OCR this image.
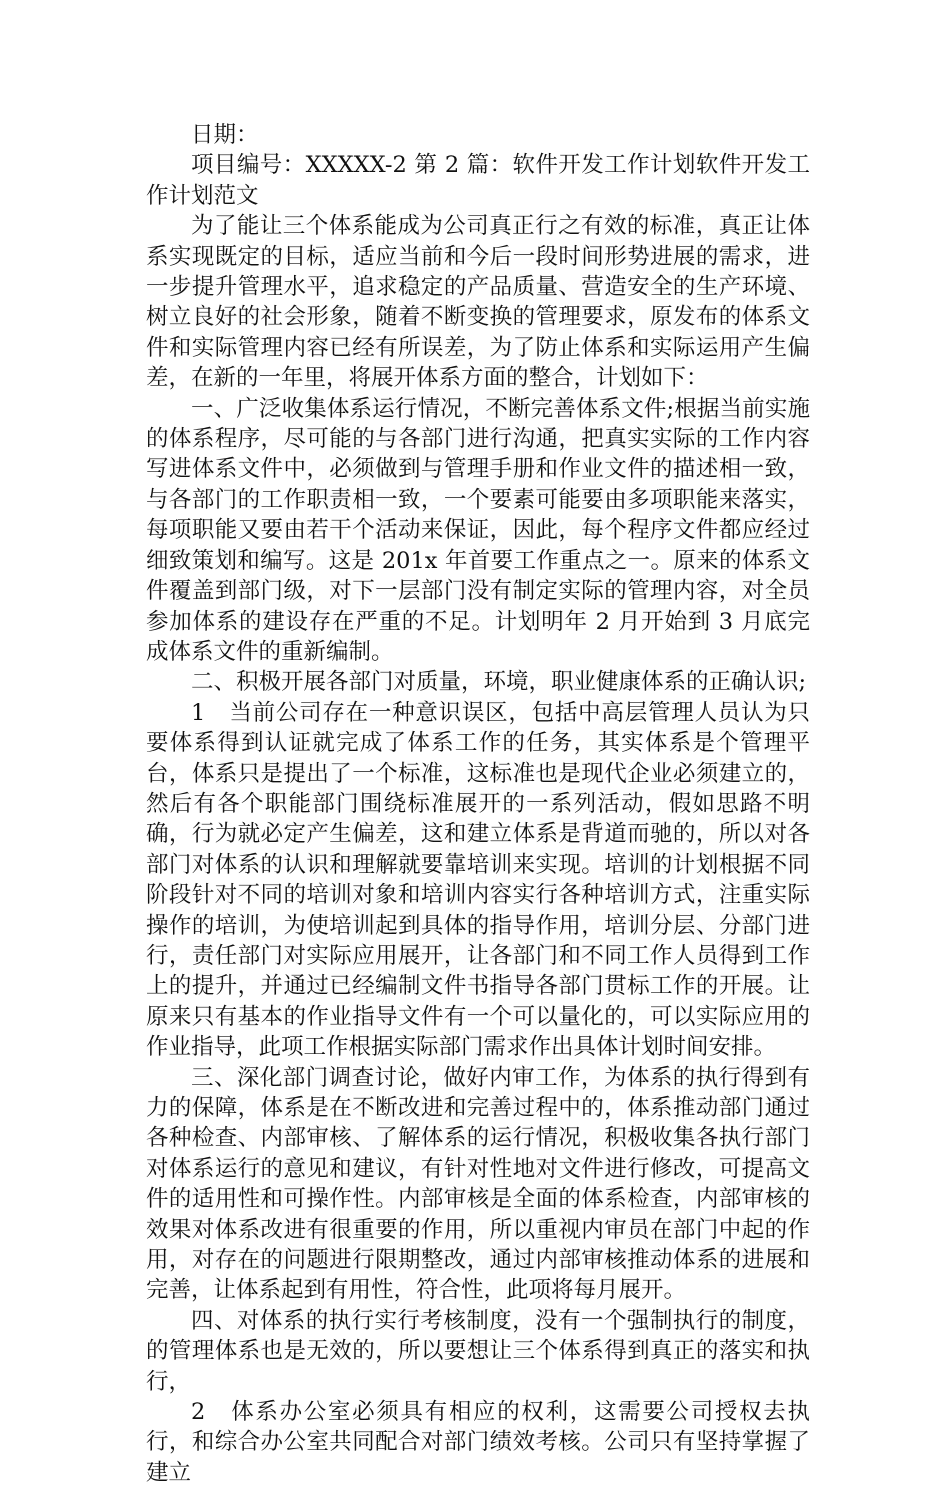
日期：

项目编号：XXXXX-2 第 2 篇：软件开发工作计划软件开发工作计划范文

为了能让三个体系能成为公司真正行之有效的标准，真正让体系实现既定的目标，适应当前和今后一段时间形势进展的需求，进一步提升管理水平，追求稳定的产品质量、营造安全的生产环境、树立良好的社会形象，随着不断变换的管理要求，原发布的体系文件和实际管理内容已经有所误差，为了防止体系和实际运用产生偏差，在新的一年里，将展开体系方面的整合，计划如下：

一、广泛收集体系运行情况，不断完善体系文件;根据当前实施的体系程序，尽可能的与各部门进行沟通，把真实实际的工作内容写进体系文件中，必须做到与管理手册和作业文件的描述相一致，与各部门的工作职责相一致，一个要素可能要由多项职能来落实，每项职能又要由若干个活动来保证，因此，每个程序文件都应经过细致策划和编写。这是 201x 年首要工作重点之一。原来的体系文件覆盖到部门级，对下一层部门没有制定实际的管理内容，对全员参加体系的建设存在严重的不足。计划明年 2 月开始到 3 月底完成体系文件的重新编制。

二、积极开展各部门对质量，环境，职业健康体系的正确认识;

1　当前公司存在一种意识误区，包括中高层管理人员认为只要体系得到认证就完成了体系工作的任务，其实体系是个管理平台，体系只是提出了一个标准，这标准也是现代企业必须建立的，然后有各个职能部门围绕标准展开的一系列活动，假如思路不明确，行为就必定产生偏差，这和建立体系是背道而驰的，所以对各部门对体系的认识和理解就要靠培训来实现。培训的计划根据不同阶段针对不同的培训对象和培训内容实行各种培训方式，注重实际操作的培训，为使培训起到具体的指导作用，培训分层、分部门进行，责任部门对实际应用展开，让各部门和不同工作人员得到工作上的提升，并通过已经编制文件书指导各部门贯标工作的开展。让原来只有基本的作业指导文件有一个可以量化的，可以实际应用的作业指导，此项工作根据实际部门需求作出具体计划时间安排。

三、深化部门调查讨论，做好内审工作，为体系的执行得到有力的保障，体系是在不断改进和完善过程中的，体系推动部门通过各种检查、内部审核、了解体系的运行情况，积极收集各执行部门对体系运行的意见和建议，有针对性地对文件进行修改，可提高文件的适用性和可操作性。内部审核是全面的体系检查，内部审核的效果对体系改进有很重要的作用，所以重视内审员在部门中起的作用，对存在的问题进行限期整改，通过内部审核推动体系的进展和完善，让体系起到有用性，符合性，此项将每月展开。

四、对体系的执行实行考核制度，没有一个强制执行的制度，的管理体系也是无效的，所以要想让三个体系得到真正的落实和执行，

2　体系办公室必须具有相应的权利，这需要公司授权去执行，和综合办公室共同配合对部门绩效考核。公司只有坚持掌握了建立
